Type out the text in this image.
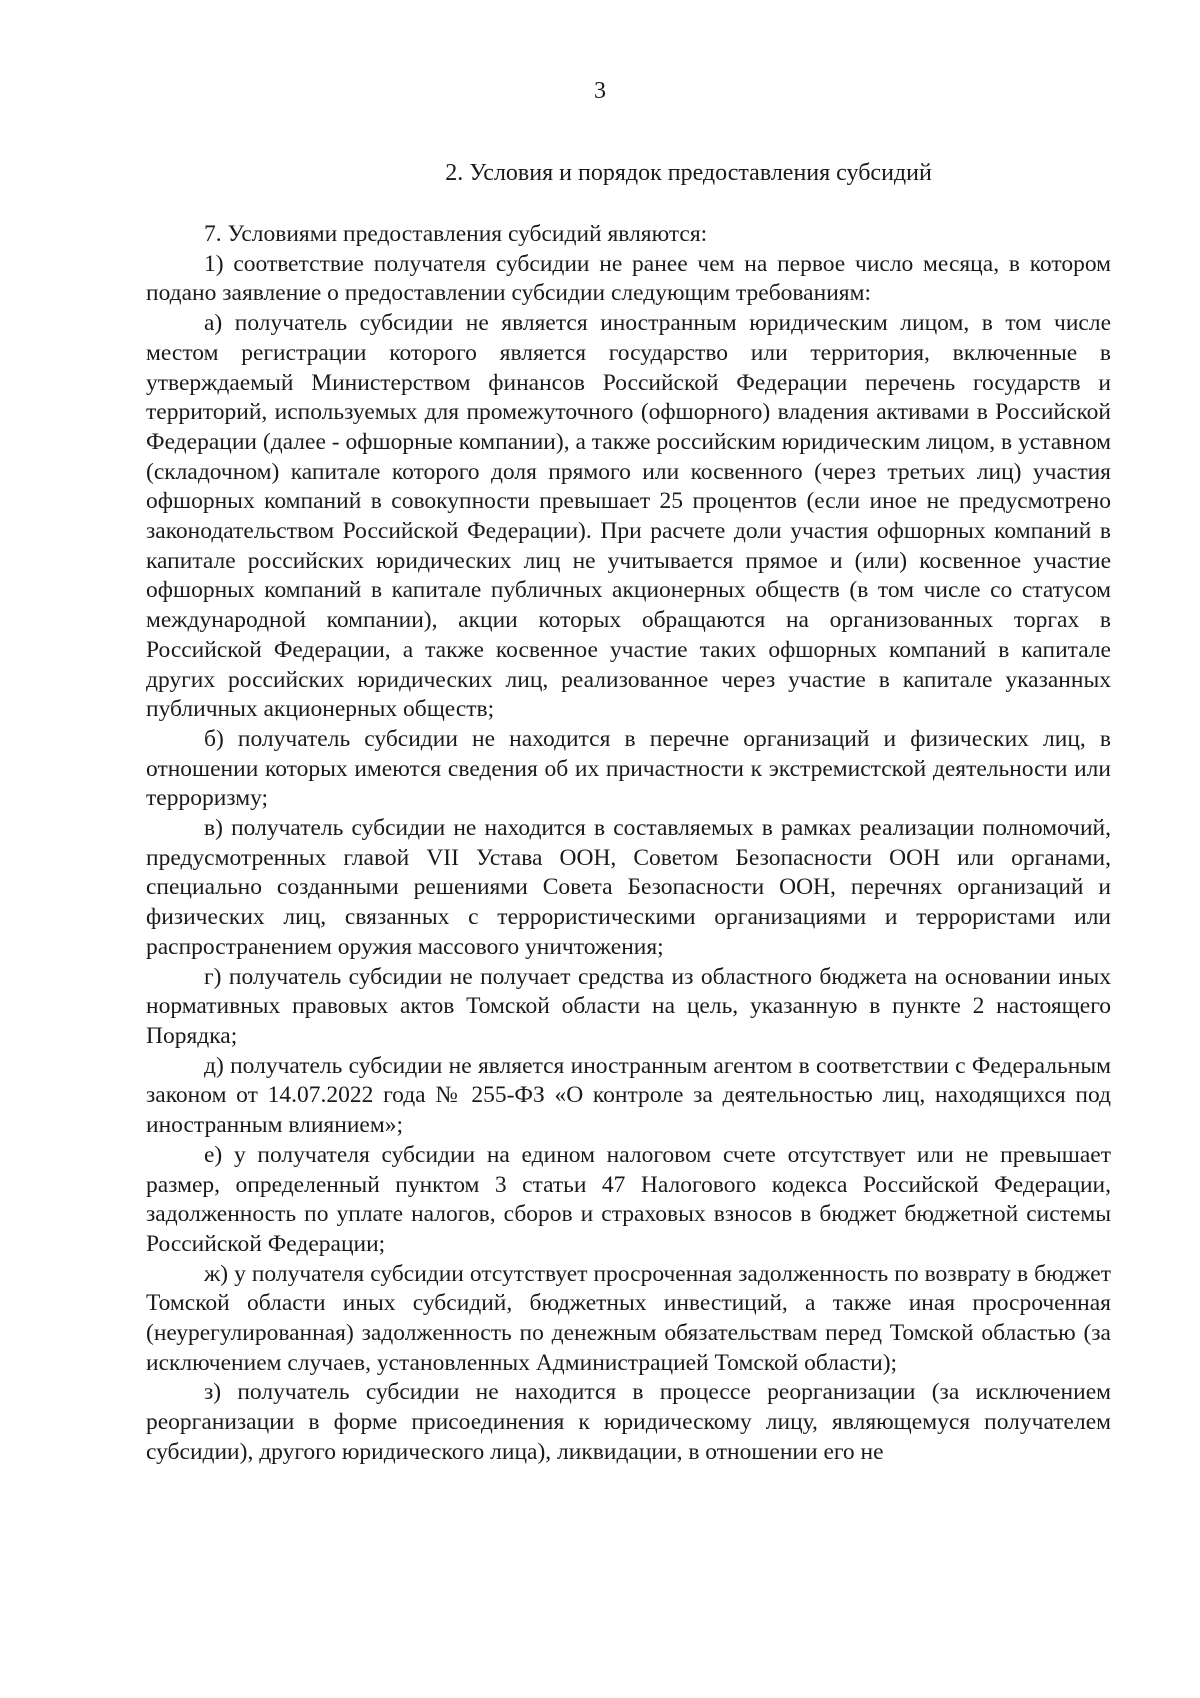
3
2. Условия и порядок предоставления субсидий

7. Условиями предоставления субсидий являются:

1) соответствие получателя субсидии не ранее чем на первое число месяца, в котором подано заявление о предоставлении субсидии следующим требованиям:

а) получатель субсидии не является иностранным юридическим лицом, в том числе местом регистрации которого является государство или территория, включенные в утверждаемый Министерством финансов Российской Федерации перечень государств и территорий, используемых для промежуточного (офшорного) владения активами в Российской Федерации (далее - офшорные компании), а также российским юридическим лицом, в уставном (складочном) капитале которого доля прямого или косвенного (через третьих лиц) участия офшорных компаний в совокупности превышает 25 процентов (если иное не предусмотрено законодательством Российской Федерации). При расчете доли участия офшорных компаний в капитале российских юридических лиц не учитывается прямое и (или) косвенное участие офшорных компаний в капитале публичных акционерных обществ (в том числе со статусом международной компании), акции которых обращаются на организованных торгах в Российской Федерации, а также косвенное участие таких офшорных компаний в капитале других российских юридических лиц, реализованное через участие в капитале указанных публичных акционерных обществ;

б) получатель субсидии не находится в перечне организаций и физических лиц, в отношении которых имеются сведения об их причастности к экстремистской деятельности или терроризму;

в) получатель субсидии не находится в составляемых в рамках реализации полномочий, предусмотренных главой VII Устава ООН, Советом Безопасности ООН или органами, специально созданными решениями Совета Безопасности ООН, перечнях организаций и физических лиц, связанных с террористическими организациями и террористами или распространением оружия массового уничтожения;

г) получатель субсидии не получает средства из областного бюджета на основании иных нормативных правовых актов Томской области на цель, указанную в пункте 2 настоящего Порядка;

д) получатель субсидии не является иностранным агентом в соответствии с Федеральным законом от 14.07.2022 года № 255-ФЗ «О контроле за деятельностью лиц, находящихся под иностранным влиянием»;

е) у получателя субсидии на едином налоговом счете отсутствует или не превышает размер, определенный пунктом 3 статьи 47 Налогового кодекса Российской Федерации, задолженность по уплате налогов, сборов и страховых взносов в бюджет бюджетной системы Российской Федерации;

ж) у получателя субсидии отсутствует просроченная задолженность по возврату в бюджет Томской области иных субсидий, бюджетных инвестиций, а также иная просроченная (неурегулированная) задолженность по денежным обязательствам перед Томской областью (за исключением случаев, установленных Администрацией Томской области);

з) получатель субсидии не находится в процессе реорганизации (за исключением реорганизации в форме присоединения к юридическому лицу, являющемуся получателем субсидии), другого юридического лица), ликвидации, в отношении его не
